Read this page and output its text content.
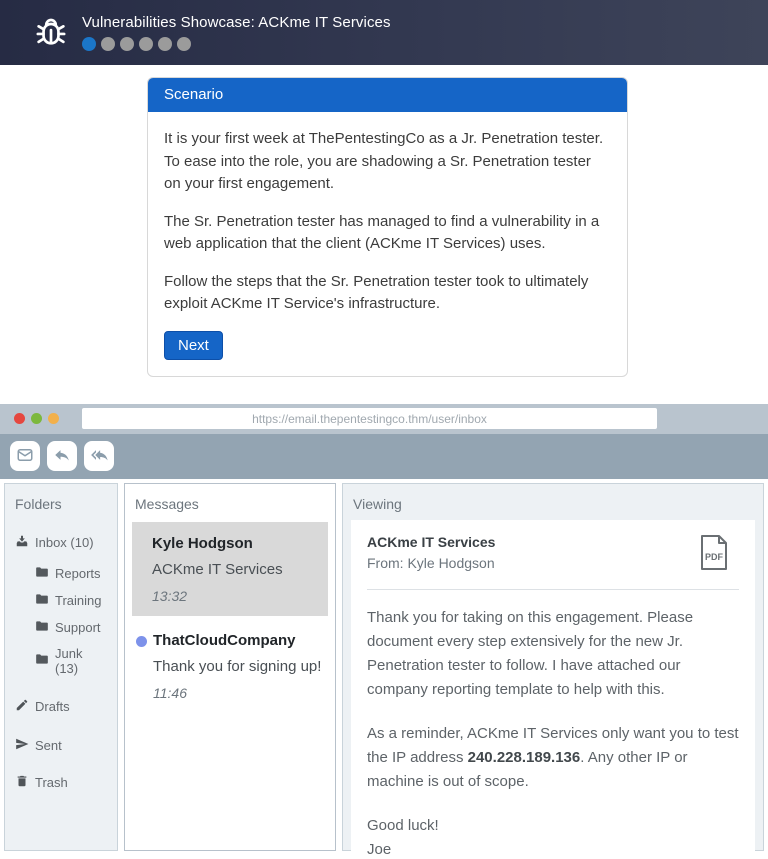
Vulnerabilities Showcase: ACKme IT Services
Scenario

It is your first week at ThePentestingCo as a Jr. Penetration tester. To ease into the role, you are shadowing a Sr. Penetration tester on your first engagement.

The Sr. Penetration tester has managed to find a vulnerability in a web application that the client (ACKme IT Services) uses.

Follow the steps that the Sr. Penetration tester took to ultimately exploit ACKme IT Service's infrastructure.

Next
https://email.thepentestingco.thm/user/inbox
Folders
Inbox (10)
Reports
Training
Support
Junk (13)
Drafts
Sent
Trash
Messages
Kyle Hodgson
ACKme IT Services
13:32
ThatCloudCompany
Thank you for signing up!
11:46
Viewing
ACKme IT Services
From: Kyle Hodgson	PDF

Thank you for taking on this engagement. Please document every step extensively for the new Jr. Penetration tester to follow. I have attached our company reporting template to help with this.

As a reminder, ACKme IT Services only want you to test the IP address 240.228.189.136. Any other IP or machine is out of scope.

Good luck!
Joe
